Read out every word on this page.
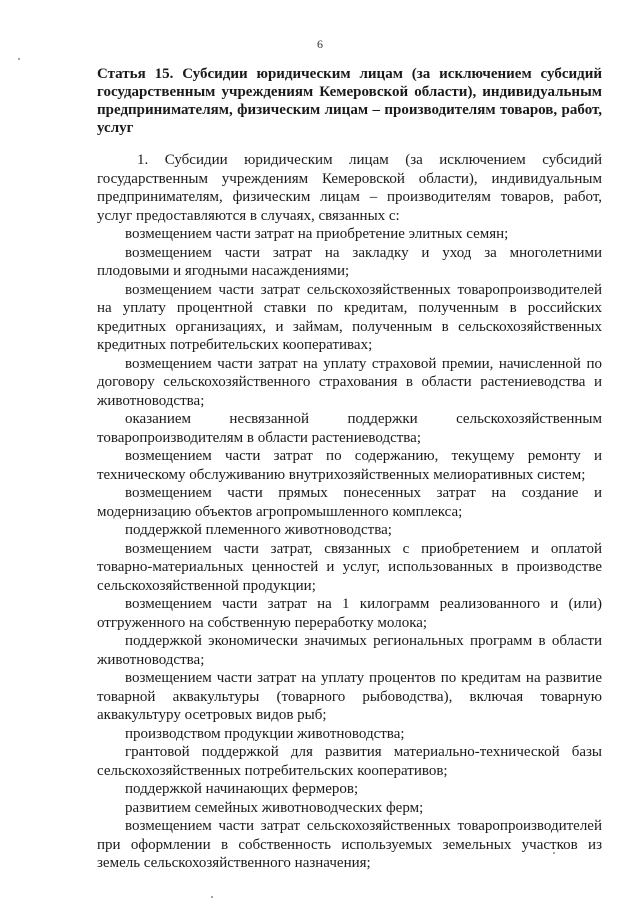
6
Статья 15. Субсидии юридическим лицам (за исключением субсидий государственным учреждениям Кемеровской области), индивидуальным предпринимателям, физическим лицам – производителям товаров, работ, услуг

1. Субсидии юридическим лицам (за исключением субсидий государственным учреждениям Кемеровской области), индивидуальным предпринимателям, физическим лицам – производителям товаров, работ, услуг предоставляются в случаях, связанных с:

возмещением части затрат на приобретение элитных семян;

возмещением части затрат на закладку и уход за многолетними плодовыми и ягодными насаждениями;

возмещением части затрат сельскохозяйственных товаропроизводителей на уплату процентной ставки по кредитам, полученным в российских кредитных организациях, и займам, полученным в сельскохозяйственных кредитных потребительских кооперативах;

возмещением части затрат на уплату страховой премии, начисленной по договору сельскохозяйственного страхования в области растениеводства и животноводства;

оказанием несвязанной поддержки сельскохозяйственным товаропроизводителям в области растениеводства;

возмещением части затрат по содержанию, текущему ремонту и техническому обслуживанию внутрихозяйственных мелиоративных систем;

возмещением части прямых понесенных затрат на создание и модернизацию объектов агропромышленного комплекса;

поддержкой племенного животноводства;

возмещением части затрат, связанных с приобретением и оплатой товарно-материальных ценностей и услуг, использованных в производстве сельскохозяйственной продукции;

возмещением части затрат на 1 килограмм реализованного и (или) отгруженного на собственную переработку молока;

поддержкой экономически значимых региональных программ в области животноводства;

возмещением части затрат на уплату процентов по кредитам на развитие товарной аквакультуры (товарного рыбоводства), включая товарную аквакультуру осетровых видов рыб;

производством продукции животноводства;

грантовой поддержкой для развития материально-технической базы сельскохозяйственных потребительских кооперативов;

поддержкой начинающих фермеров;

развитием семейных животноводческих ферм;

возмещением части затрат сельскохозяйственных товаропроизводителей при оформлении в собственность используемых земельных участков из земель сельскохозяйственного назначения;
